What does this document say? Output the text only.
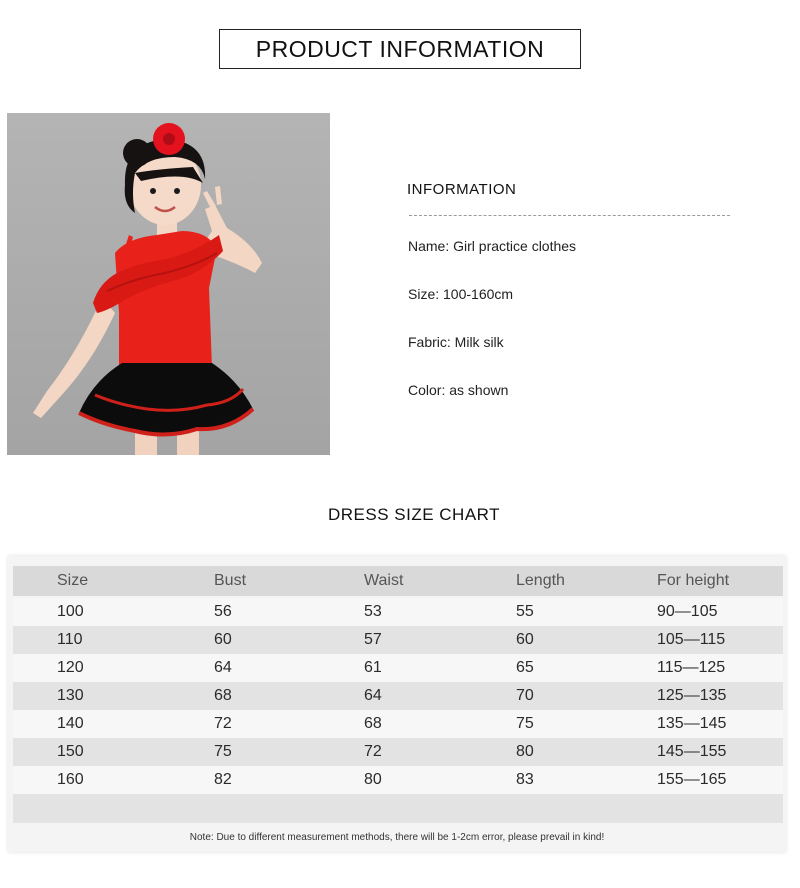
PRODUCT INFORMATION
INFORMATION
Name: Girl practice clothes
Size: 100-160cm
Fabric: Milk silk
Color: as shown
DRESS SIZE CHART
Size	Bust	Waist	Length	For height
100	56	53	55	90—105
110	60	57	60	105—115
120	64	61	65	115—125
130	68	64	70	125—135
140	72	68	75	135—145
150	75	72	80	145—155
160	82	80	83	155—165
Note: Due to different measurement methods, there will be 1-2cm error, please prevail in kind!
